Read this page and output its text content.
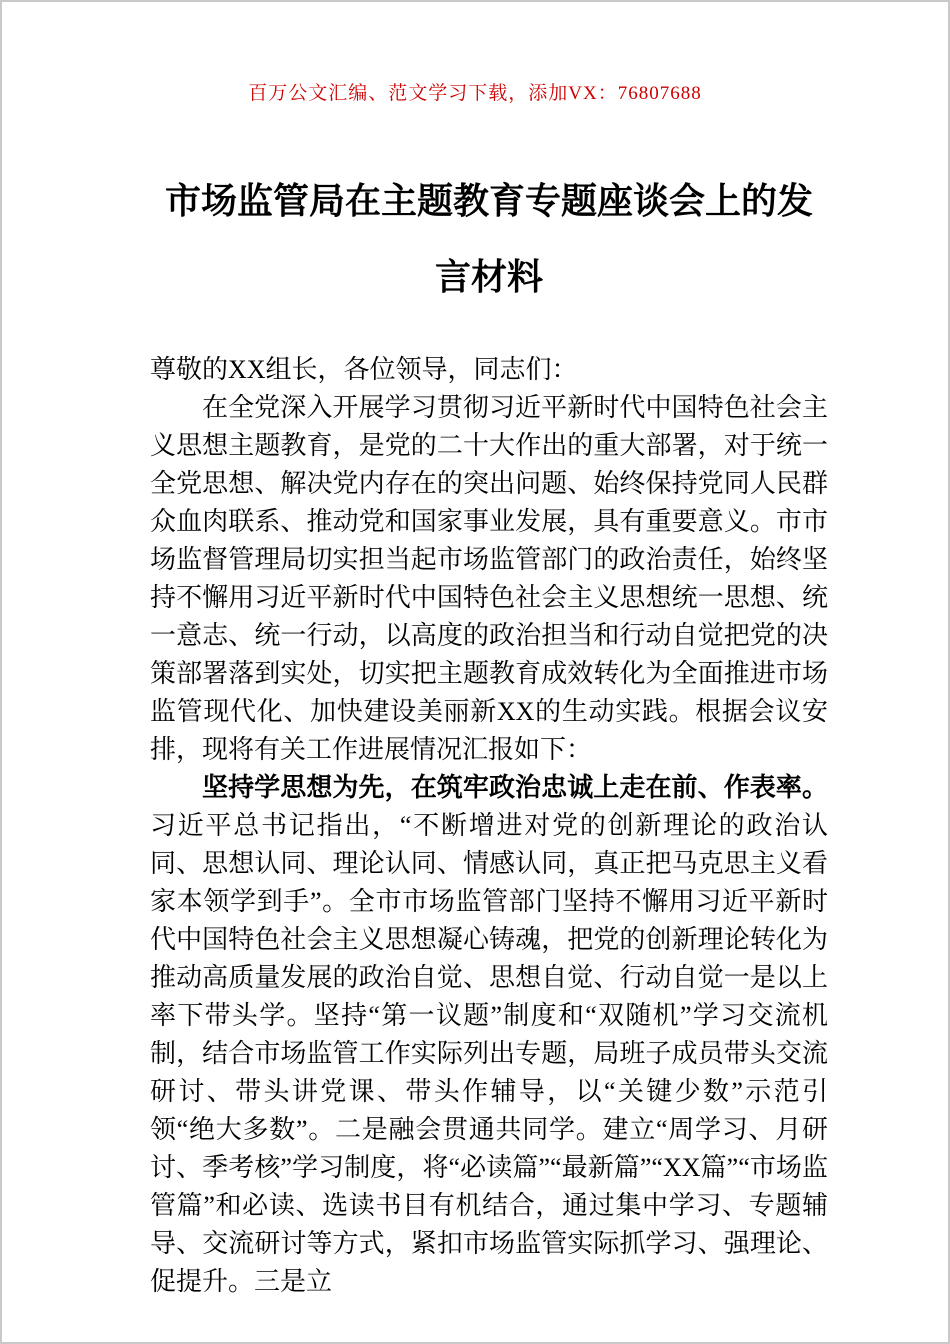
百万公文汇编、范文学习下载，添加VX：76807688
市场监管局在主题教育专题座谈会上的发言材料

尊敬的XX组长，各位领导，同志们：

在全党深入开展学习贯彻习近平新时代中国特色社会主义思想主题教育，是党的二十大作出的重大部署，对于统一全党思想、解决党内存在的突出问题、始终保持党同人民群众血肉联系、推动党和国家事业发展，具有重要意义。市市场监督管理局切实担当起市场监管部门的政治责任，始终坚持不懈用习近平新时代中国特色社会主义思想统一思想、统一意志、统一行动，以高度的政治担当和行动自觉把党的决策部署落到实处，切实把主题教育成效转化为全面推进市场监管现代化、加快建设美丽新XX的生动实践。根据会议安排，现将有关工作进展情况汇报如下：

坚持学思想为先，在筑牢政治忠诚上走在前、作表率。习近平总书记指出，“不断增进对党的创新理论的政治认同、思想认同、理论认同、情感认同，真正把马克思主义看家本领学到手”。全市市场监管部门坚持不懈用习近平新时代中国特色社会主义思想凝心铸魂，把党的创新理论转化为推动高质量发展的政治自觉、思想自觉、行动自觉一是以上率下带头学。坚持“第一议题”制度和“双随机”学习交流机制，结合市场监管工作实际列出专题，局班子成员带头交流研讨、带头讲党课、带头作辅导，以“关键少数”示范引领“绝大多数”。二是融会贯通共同学。建立“周学习、月研讨、季考核”学习制度，将“必读篇”“最新篇”“XX篇”“市场监管篇”和必读、选读书目有机结合，通过集中学习、专题辅导、交流研讨等方式，紧扣市场监管实际抓学习、强理论、促提升。三是立
